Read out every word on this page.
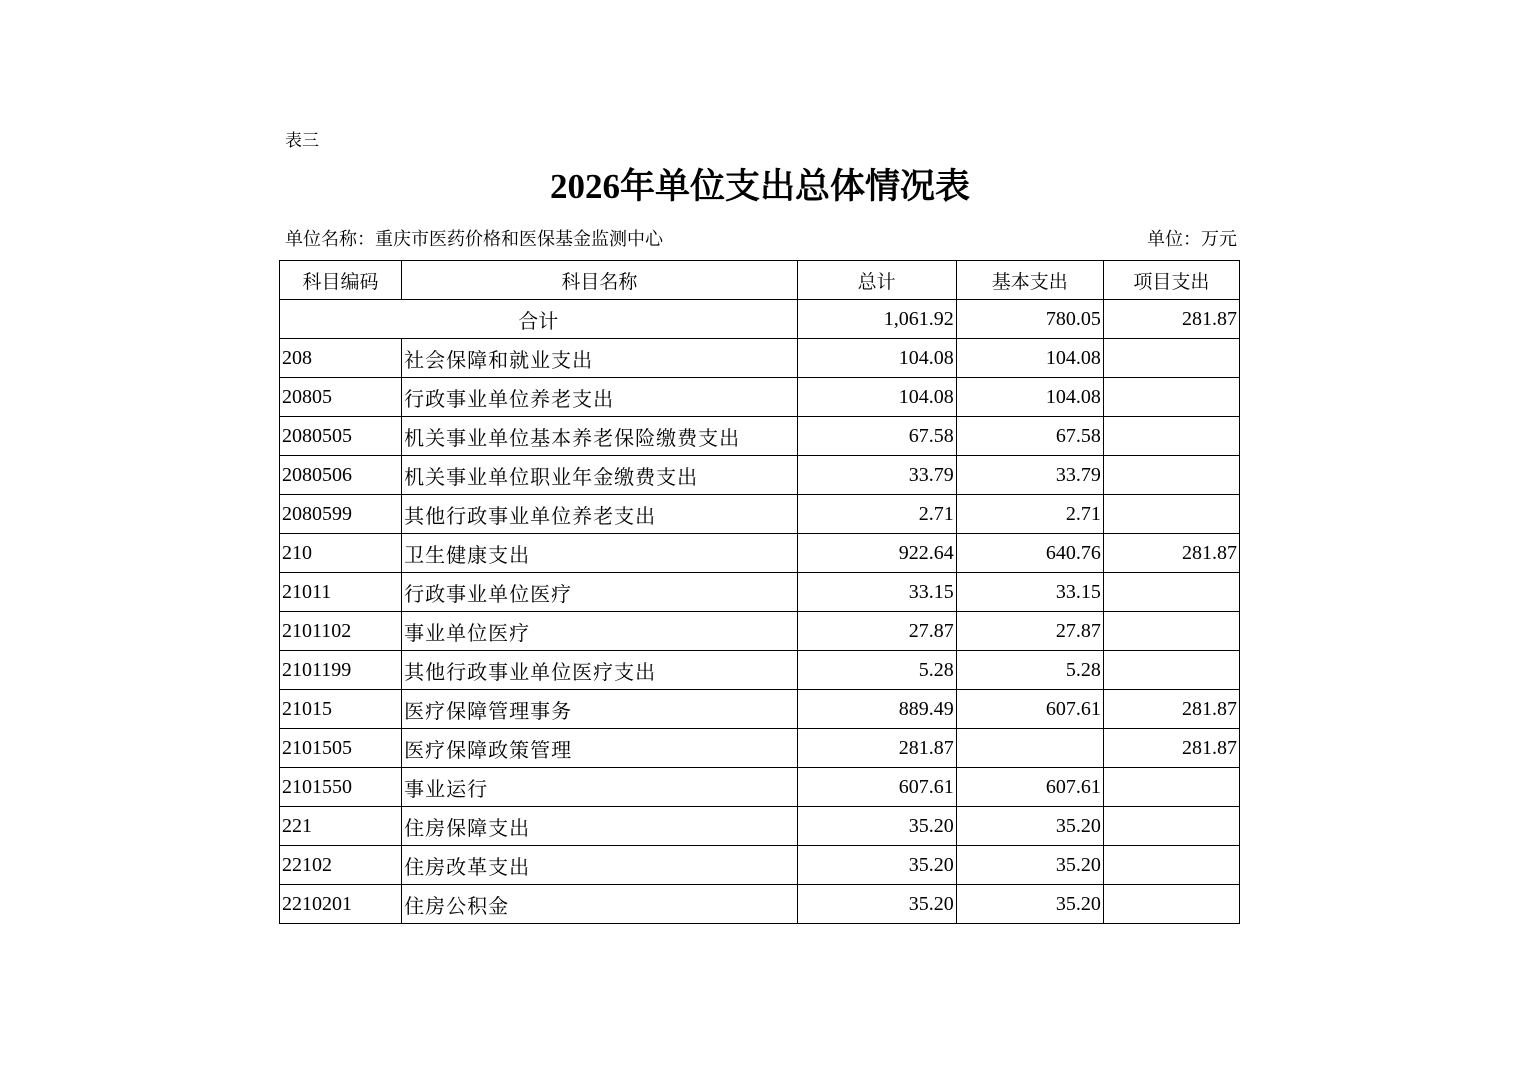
表三
2026年单位支出总体情况表
单位名称：重庆市医药价格和医保基金监测中心	单位：万元
科目编码	科目名称	总计	基本支出	项目支出
合计		1,061.92	780.05	281.87
208	社会保障和就业支出	104.08	104.08	
20805	行政事业单位养老支出	104.08	104.08	
2080505	机关事业单位基本养老保险缴费支出	67.58	67.58	
2080506	机关事业单位职业年金缴费支出	33.79	33.79	
2080599	其他行政事业单位养老支出	2.71	2.71	
210	卫生健康支出	922.64	640.76	281.87
21011	行政事业单位医疗	33.15	33.15	
2101102	事业单位医疗	27.87	27.87	
2101199	其他行政事业单位医疗支出	5.28	5.28	
21015	医疗保障管理事务	889.49	607.61	281.87
2101505	医疗保障政策管理	281.87		281.87
2101550	事业运行	607.61	607.61	
221	住房保障支出	35.20	35.20	
22102	住房改革支出	35.20	35.20	
2210201	住房公积金	35.20	35.20	
